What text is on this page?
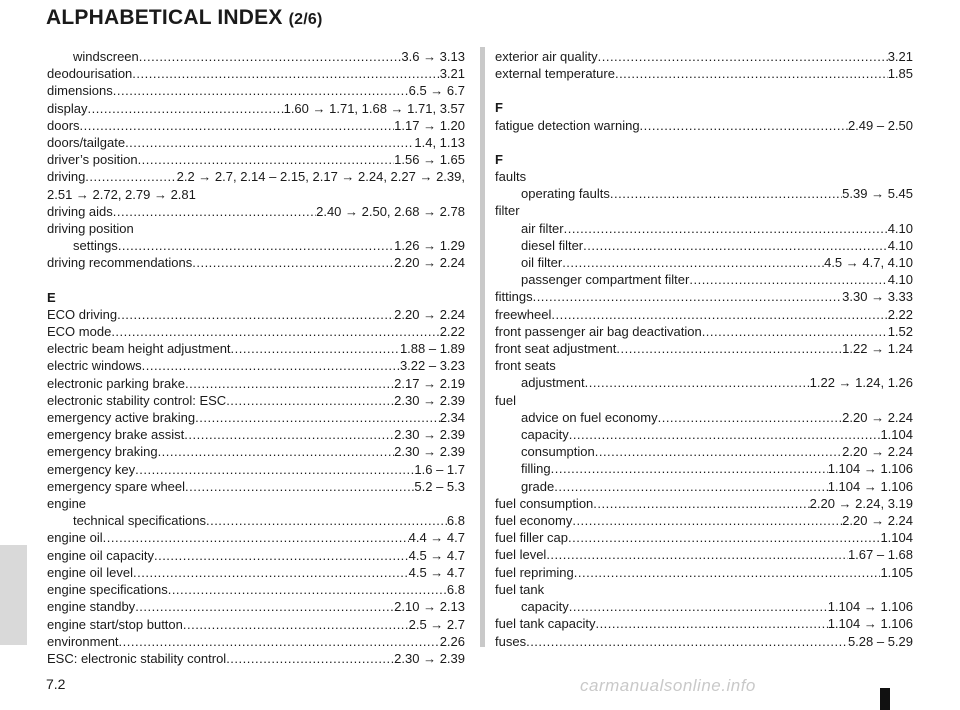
ALPHABETICAL INDEX (2/6)
windscreen .....	3.6 → 3.13
deodourisation .....	3.21
dimensions .....	6.5 → 6.7
display .....	1.60 → 1.71, 1.68 → 1.71, 3.57
doors .....	1.17 → 1.20
doors/tailgate .....	1.4, 1.13
driver’s position .....	1.56 → 1.65
driving .....	2.2 → 2.7, 2.14 – 2.15, 2.17 → 2.24, 2.27 → 2.39,
2.51 → 2.72, 2.79 → 2.81
driving aids .....	2.40 → 2.50, 2.68 → 2.78
driving position
settings .....	1.26 → 1.29
driving recommendations .....	2.20 → 2.24
E
ECO driving .....	2.20 → 2.24
ECO mode .....	2.22
electric beam height adjustment .....	1.88 – 1.89
electric windows .....	3.22 – 3.23
electronic parking brake .....	2.17 → 2.19
electronic stability control: ESC .....	2.30 → 2.39
emergency active braking .....	2.34
emergency brake assist .....	2.30 → 2.39
emergency braking .....	2.30 → 2.39
emergency key .....	1.6 – 1.7
emergency spare wheel .....	5.2 – 5.3
engine
technical specifications .....	6.8
engine oil .....	4.4 → 4.7
engine oil capacity .....	4.5 → 4.7
engine oil level .....	4.5 → 4.7
engine specifications .....	6.8
engine standby .....	2.10 → 2.13
engine start/stop button .....	2.5 → 2.7
environment .....	2.26
ESC: electronic stability control .....	2.30 → 2.39
exterior air quality .....	3.21
external temperature .....	1.85
F
fatigue detection warning .....	2.49 – 2.50
F
faults
operating faults .....	5.39 → 5.45
filter
air filter .....	4.10
diesel filter .....	4.10
oil filter .....	4.5 → 4.7, 4.10
passenger compartment filter .....	4.10
fittings .....	3.30 → 3.33
freewheel .....	2.22
front passenger air bag deactivation .....	1.52
front seat adjustment .....	1.22 → 1.24
front seats
adjustment .....	1.22 → 1.24, 1.26
fuel
advice on fuel economy .....	2.20 → 2.24
capacity .....	1.104
consumption .....	2.20 → 2.24
filling .....	1.104 → 1.106
grade .....	1.104 → 1.106
fuel consumption .....	2.20 → 2.24, 3.19
fuel economy .....	2.20 → 2.24
fuel filler cap .....	1.104
fuel level .....	1.67 – 1.68
fuel repriming .....	1.105
fuel tank
capacity .....	1.104 → 1.106
fuel tank capacity .....	1.104 → 1.106
fuses .....	5.28 – 5.29
7.2	carmanualsonline.info
